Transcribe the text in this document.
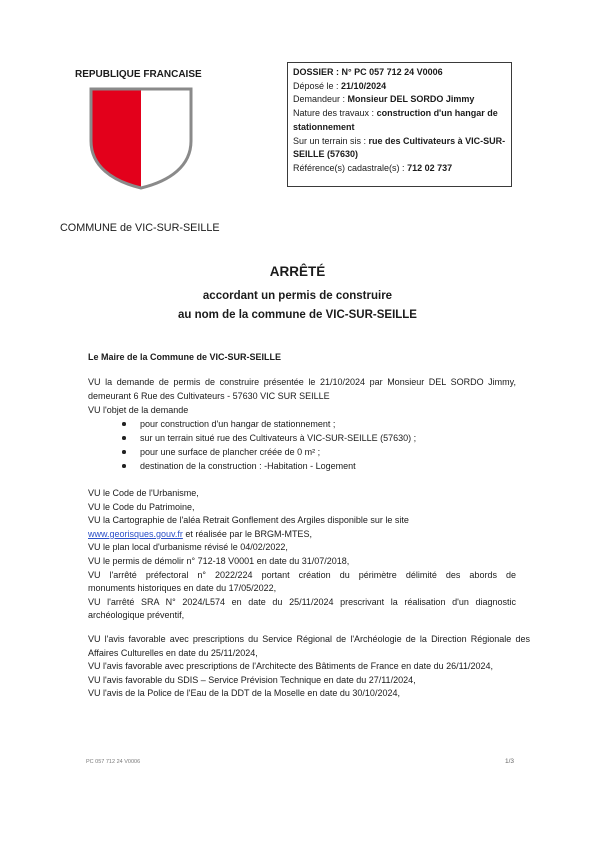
REPUBLIQUE FRANCAISE	DOSSIER : N° PC 057 712 24 V0006
Déposé le : 21/10/2024
Demandeur : Monsieur DEL SORDO Jimmy
Nature des travaux : construction d'un hangar de
stationnement
Sur un terrain sis : rue des Cultivateurs à VIC-SUR-
SEILLE (57630)
Référence(s) cadastrale(s) : 712 02 737
COMMUNE de VIC-SUR-SEILLE
ARRÊTÉ
accordant un permis de construire
au nom de la commune de VIC-SUR-SEILLE
Le Maire de la Commune de VIC-SUR-SEILLE
VU la demande de permis de construire présentée le 21/10/2024 par Monsieur DEL SORDO Jimmy,
demeurant 6 Rue des Cultivateurs - 57630 VIC SUR SEILLE
VU l'objet de la demande
pour construction d'un hangar de stationnement ;
sur un terrain situé rue des Cultivateurs à VIC-SUR-SEILLE (57630) ;
pour une surface de plancher créée de 0 m² ;
destination de la construction : -Habitation - Logement
VU le Code de l'Urbanisme,
VU le Code du Patrimoine,
VU la Cartographie de l'aléa Retrait Gonflement des Argiles disponible sur le site
www.georisques.gouv.fr et réalisée par le BRGM-MTES,
VU le plan local d'urbanisme révisé le 04/02/2022,
VU le permis de démolir n° 712-18 V0001 en date du 31/07/2018,
VU l'arrêté préfectoral n° 2022/224 portant création du périmètre délimité des abords de
monuments historiques en date du 17/05/2022,
VU l'arrêté SRA N° 2024/L574 en date du 25/11/2024 prescrivant la réalisation d'un diagnostic
archéologique préventif,
VU l'avis favorable avec prescriptions du Service Régional de l'Archéologie de la Direction Régionale des
Affaires Culturelles en date du 25/11/2024,
VU l'avis favorable avec prescriptions de l'Architecte des Bâtiments de France en date du 26/11/2024,
VU l'avis favorable du SDIS – Service Prévision Technique en date du 27/11/2024,
VU l'avis de la Police de l'Eau de la DDT de la Moselle en date du 30/10/2024,
PC 057 712 24 V0006	1/3
